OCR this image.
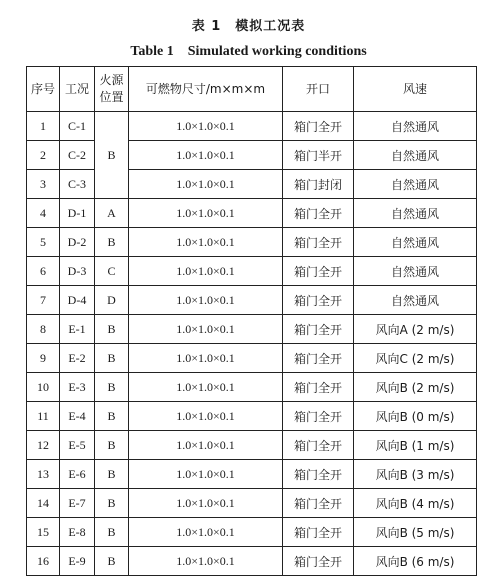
表 1　模拟工况表
Table 1　Simulated working conditions
序号	工况	火源位置	可燃物尺寸/m×m×m	开口	风速
1	C-1	B	1.0×1.0×0.1	箱门全开	自然通风
2	C-2		1.0×1.0×0.1	箱门半开	自然通风
3	C-3		1.0×1.0×0.1	箱门封闭	自然通风
4	D-1	A	1.0×1.0×0.1	箱门全开	自然通风
5	D-2	B	1.0×1.0×0.1	箱门全开	自然通风
6	D-3	C	1.0×1.0×0.1	箱门全开	自然通风
7	D-4	D	1.0×1.0×0.1	箱门全开	自然通风
8	E-1	B	1.0×1.0×0.1	箱门全开	风向A (2 m/s)
9	E-2	B	1.0×1.0×0.1	箱门全开	风向C (2 m/s)
10	E-3	B	1.0×1.0×0.1	箱门全开	风向B (2 m/s)
11	E-4	B	1.0×1.0×0.1	箱门全开	风向B (0 m/s)
12	E-5	B	1.0×1.0×0.1	箱门全开	风向B (1 m/s)
13	E-6	B	1.0×1.0×0.1	箱门全开	风向B (3 m/s)
14	E-7	B	1.0×1.0×0.1	箱门全开	风向B (4 m/s)
15	E-8	B	1.0×1.0×0.1	箱门全开	风向B (5 m/s)
16	E-9	B	1.0×1.0×0.1	箱门全开	风向B (6 m/s)
